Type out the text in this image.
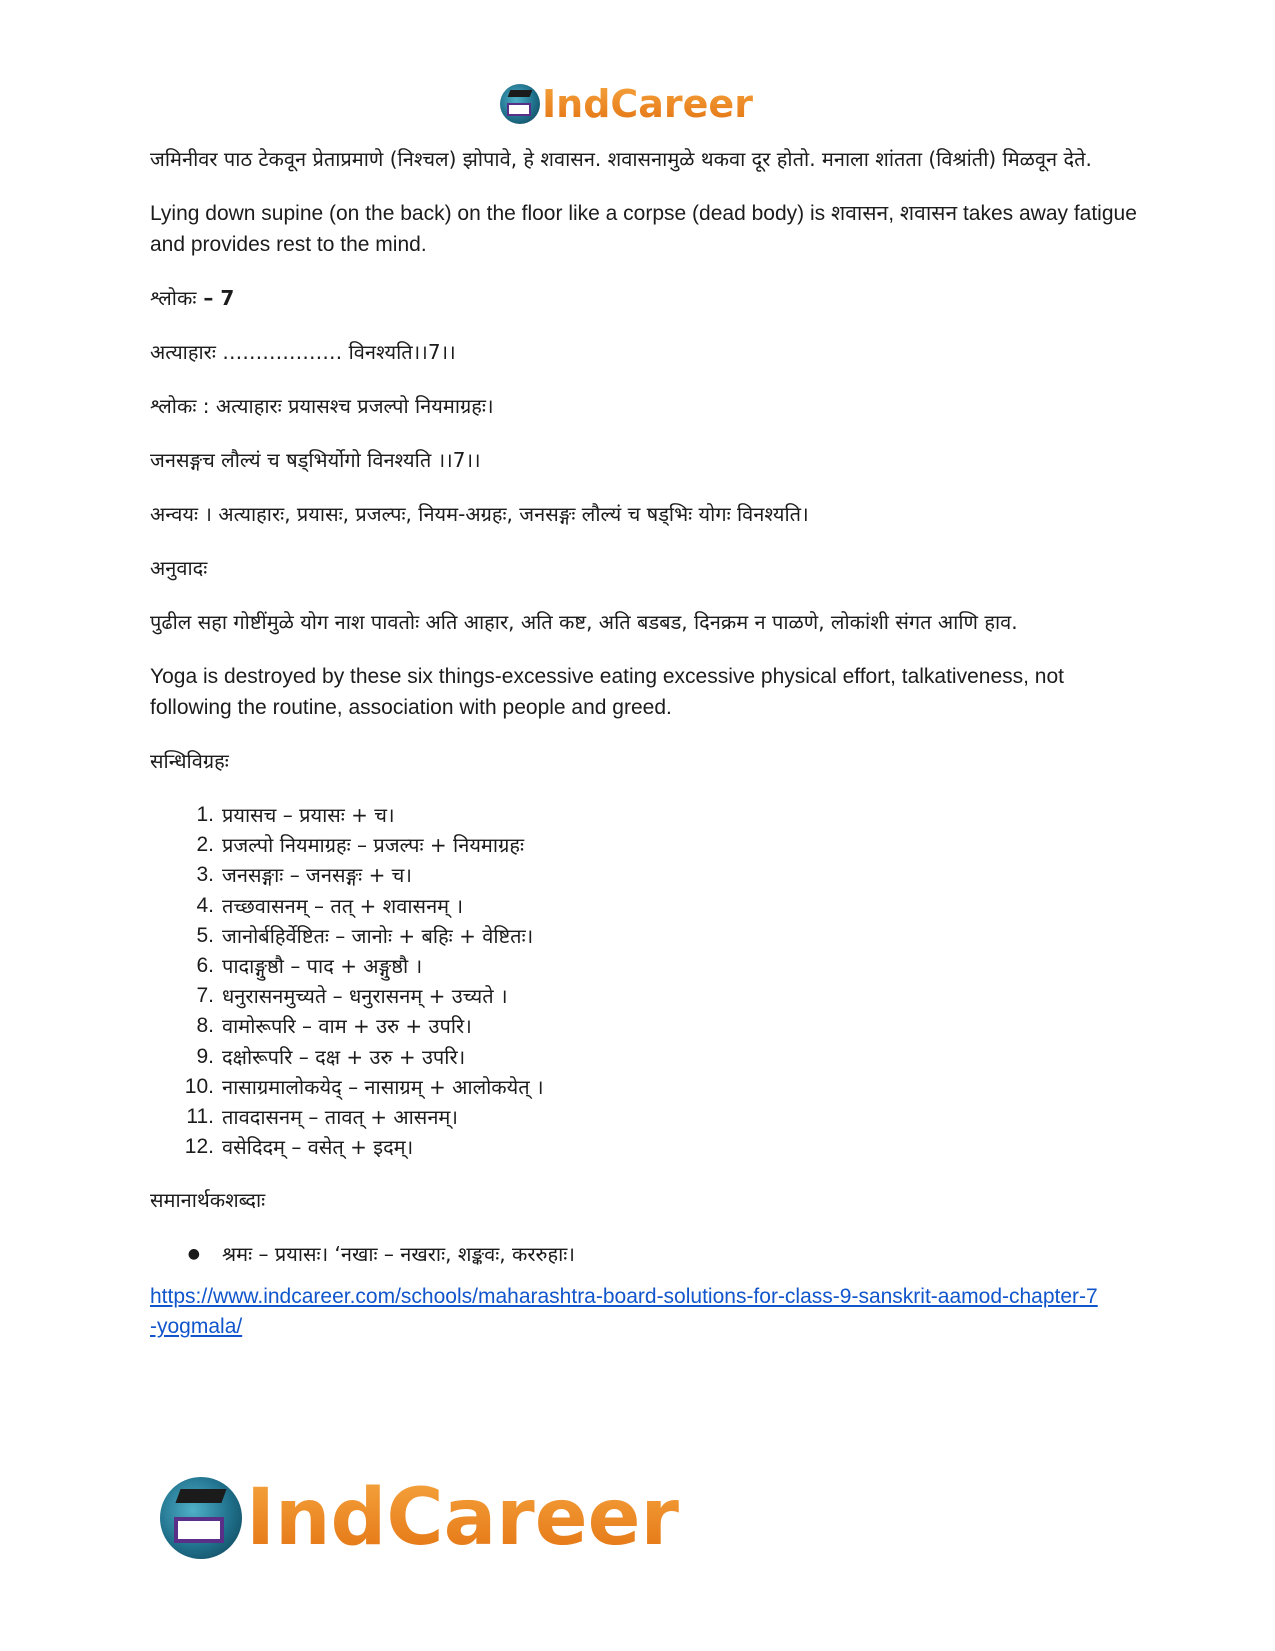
IndCareer

जमिनीवर पाठ टेकवून प्रेताप्रमाणे (निश्चल) झोपावे, हे शवासन. शवासनामुळे थकवा दूर होतो. मनाला शांतता (विश्रांती) मिळवून देते.

Lying down supine (on the back) on the floor like a corpse (dead body) is शवासन, शवासन takes away fatigue and provides rest to the mind.

श्लोकः – 7

अत्याहारः ……………… विनश्यति।।7।।

श्लोकः : अत्याहारः प्रयासश्च प्रजल्पो नियमाग्रहः।

जनसङ्गच लौल्यं च षड्भिर्योगो विनश्यति ।।7।।

अन्वयः । अत्याहारः, प्रयासः, प्रजल्पः, नियम-अग्रहः, जनसङ्गः लौल्यं च षड्भिः योगः विनश्यति।

अनुवादः

पुढील सहा गोष्टींमुळे योग नाश पावतोः अति आहार, अति कष्ट, अति बडबड, दिनक्रम न पाळणे, लोकांशी संगत आणि हाव.

Yoga is destroyed by these six things-excessive eating excessive physical effort, talkativeness, not following the routine, association with people and greed.

सन्धिविग्रहः

1. प्रयासच – प्रयासः + च।
2. प्रजल्पो नियमाग्रहः – प्रजल्पः + नियमाग्रहः
3. जनसङ्गाः – जनसङ्गः + च।
4. तच्छवासनम् – तत् + शवासनम् ।
5. जानोर्बहिर्वेष्टितः – जानोः + बहिः + वेष्टितः।
6. पादाङ्गुष्ठौ – पाद + अङ्गुष्ठौ ।
7. धनुरासनमुच्यते – धनुरासनम् + उच्यते ।
8. वामोरूपरि – वाम + उरु + उपरि।
9. दक्षोरूपरि – दक्ष + उरु + उपरि।
10. नासाग्रमालोकयेद् – नासाग्रम् + आलोकयेत् ।
11. तावदासनम् – तावत् + आसनम्।
12. वसेदिदम् – वसेत् + इदम्।

समानार्थकशब्दाः

●	श्रमः – प्रयासः। ‘नखाः – नखराः, शङ्कवः, कररुहाः।
https://www.indcareer.com/schools/maharashtra-board-solutions-for-class-9-sanskrit-aamod-chapter-7-yogmala/
IndCareer
